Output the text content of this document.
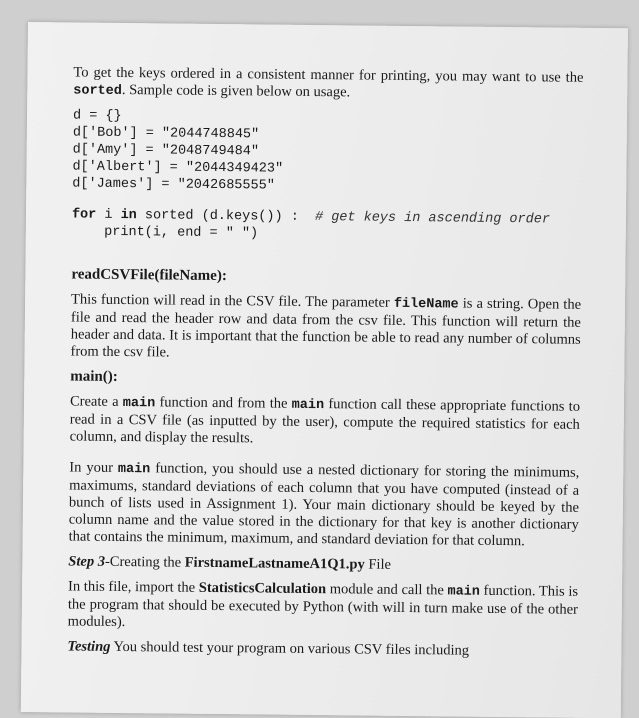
To get the keys ordered in a consistent manner for printing, you may want to use the sorted. Sample code is given below on usage.

d = {}
d['Bob'] = "2044748845"
d['Amy'] = "2048749484"
d['Albert'] = "2044349423"
d['James'] = "2042685555"
for i in sorted (d.keys()) :  # get keys in ascending order
print(i, end = " ")

readCSVFile(fileName):

This function will read in the CSV file. The parameter fileName is a string. Open the file and read the header row and data from the csv file. This function will return the header and data. It is important that the function be able to read any number of columns from the csv file.

main():

Create a main function and from the main function call these appropriate functions to read in a CSV file (as inputted by the user), compute the required statistics for each column, and display the results.

In your main function, you should use a nested dictionary for storing the minimums, maximums, standard deviations of each column that you have computed (instead of a bunch of lists used in Assignment 1). Your main dictionary should be keyed by the column name and the value stored in the dictionary for that key is another dictionary that contains the minimum, maximum, and standard deviation for that column.

Step 3-Creating the FirstnameLastnameA1Q1.py File

In this file, import the StatisticsCalculation module and call the main function. This is the program that should be executed by Python (with will in turn make use of the other modules).

Testing You should test your program on various CSV files including
